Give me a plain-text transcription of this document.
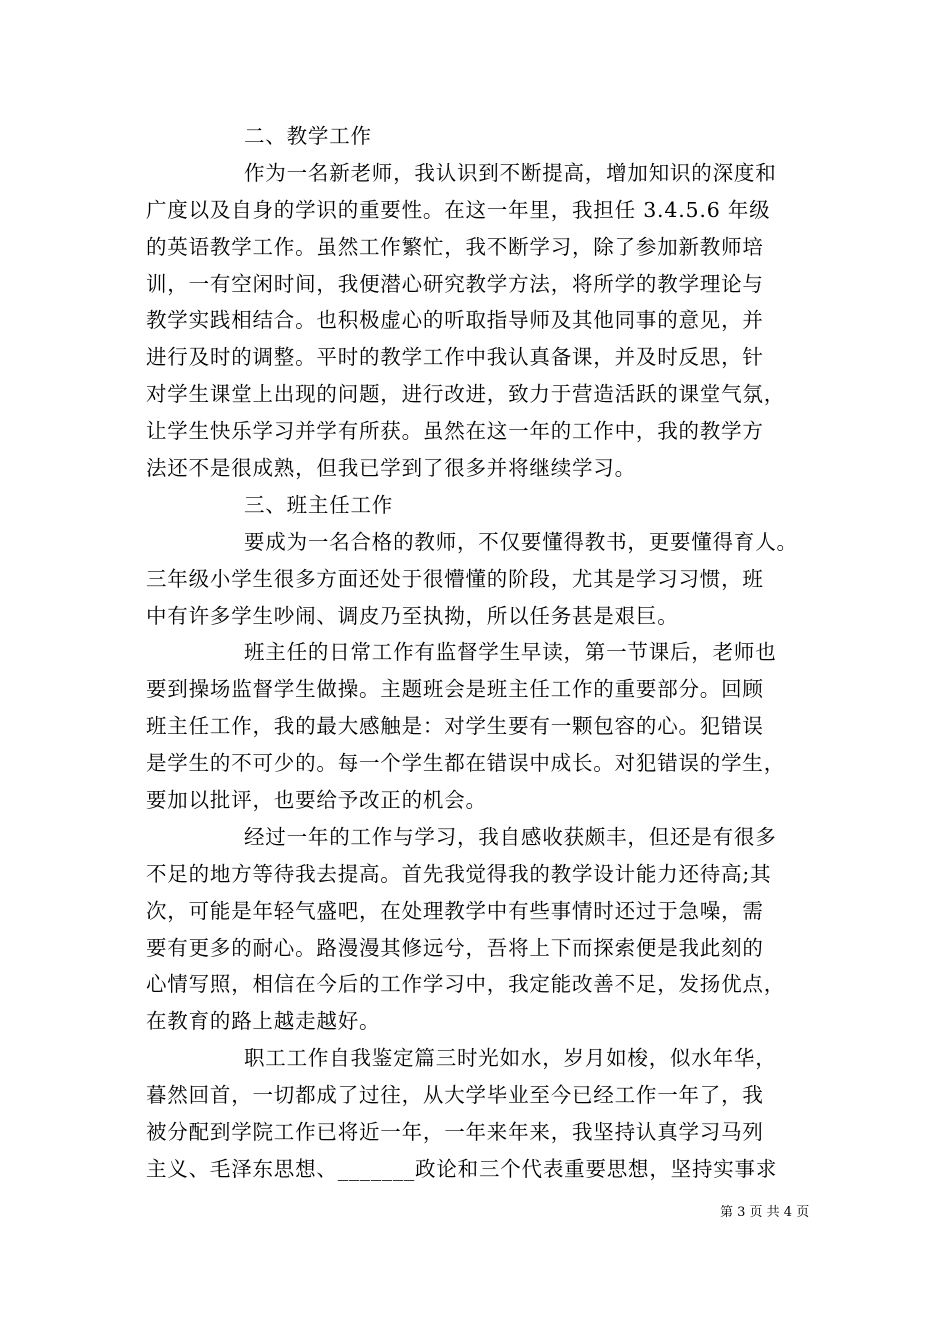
二、教学工作
作为一名新老师，我认识到不断提高，增加知识的深度和
广度以及自身的学识的重要性。在这一年里，我担任 3.4.5.6 年级
的英语教学工作。虽然工作繁忙，我不断学习，除了参加新教师培
训，一有空闲时间，我便潜心研究教学方法，将所学的教学理论与
教学实践相结合。也积极虚心的听取指导师及其他同事的意见，并
进行及时的调整。平时的教学工作中我认真备课，并及时反思，针
对学生课堂上出现的问题，进行改进，致力于营造活跃的课堂气氛，
让学生快乐学习并学有所获。虽然在这一年的工作中，我的教学方
法还不是很成熟，但我已学到了很多并将继续学习。
三、班主任工作
要成为一名合格的教师，不仅要懂得教书，更要懂得育人。
三年级小学生很多方面还处于很懵懂的阶段，尤其是学习习惯，班
中有许多学生吵闹、调皮乃至执拗，所以任务甚是艰巨。
班主任的日常工作有监督学生早读，第一节课后，老师也
要到操场监督学生做操。主题班会是班主任工作的重要部分。回顾
班主任工作，我的最大感触是：对学生要有一颗包容的心。犯错误
是学生的不可少的。每一个学生都在错误中成长。对犯错误的学生，
要加以批评，也要给予改正的机会。
经过一年的工作与学习，我自感收获颇丰，但还是有很多
不足的地方等待我去提高。首先我觉得我的教学设计能力还待高;其
次，可能是年轻气盛吧，在处理教学中有些事情时还过于急噪，需
要有更多的耐心。路漫漫其修远兮，吾将上下而探索便是我此刻的
心情写照，相信在今后的工作学习中，我定能改善不足，发扬优点，
在教育的路上越走越好。
职工工作自我鉴定篇三时光如水，岁月如梭，似水年华，
暮然回首，一切都成了过往，从大学毕业至今已经工作一年了，我
被分配到学院工作已将近一年，一年来年来，我坚持认真学习马列
主义、毛泽东思想、_______政论和三个代表重要思想，坚持实事求
第 3 页 共 4 页
